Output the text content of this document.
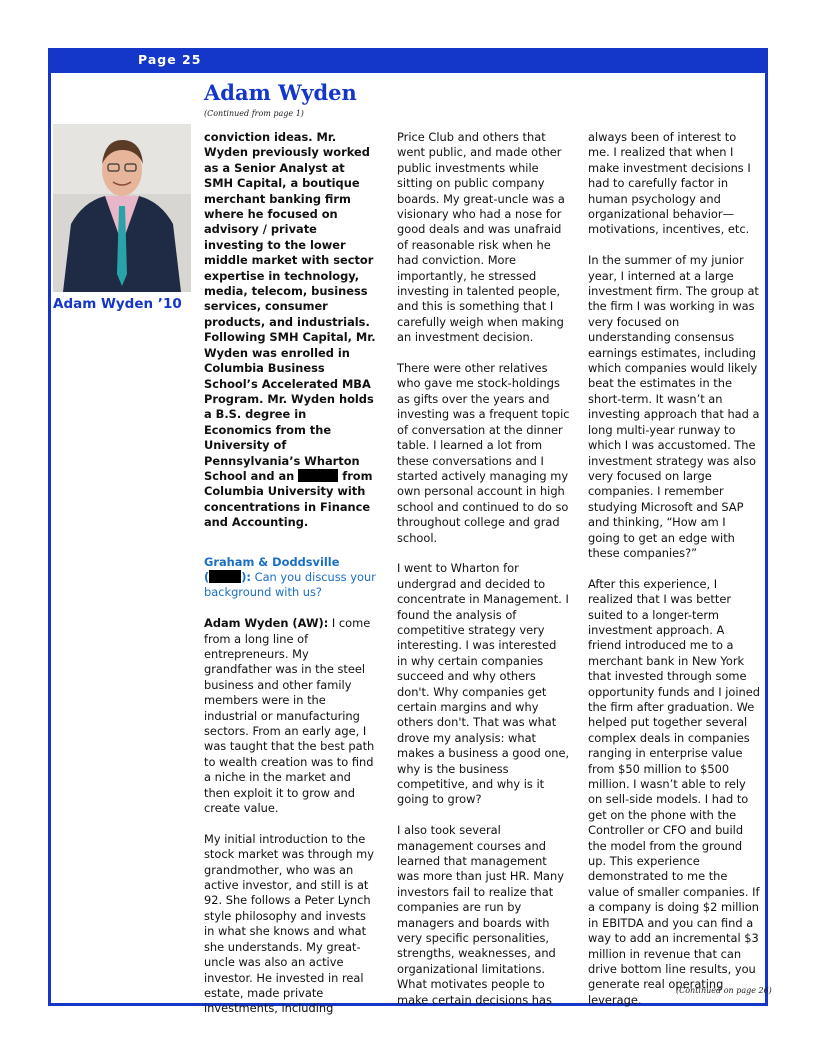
Page 25
Adam Wyden
(Continued from page 1)
Adam Wyden ’10

conviction ideas. Mr. Wyden previously worked as a Senior Analyst at SMH Capital, a boutique merchant banking firm where he focused on advisory / private investing to the lower middle market with sector expertise in technology, media, telecom, business services, consumer products, and industrials. Following SMH Capital, Mr. Wyden was enrolled in Columbia Business School’s Accelerated MBA Program. Mr. Wyden holds a B.S. degree in Economics from the University of Pennsylvania’s Wharton School and an	from Columbia University with concentrations in Finance and Accounting.

Graham & Doddsville
(	): Can you discuss your background with us?

Adam Wyden (AW): I come from a long line of entrepreneurs. My grandfather was in the steel business and other family members were in the industrial or manufacturing sectors. From an early age, I was taught that the best path to wealth creation was to find a niche in the market and then exploit it to grow and create value.

My initial introduction to the stock market was through my grandmother, who was an active investor, and still is at 92. She follows a Peter Lynch style philosophy and invests in what she knows and what she understands. My great-uncle was also an active investor. He invested in real estate, made private investments, including

Price Club and others that went public, and made other public investments while sitting on public company boards. My great-uncle was a visionary who had a nose for good deals and was unafraid of reasonable risk when he had conviction. More importantly, he stressed investing in talented people, and this is something that I carefully weigh when making an investment decision.

There were other relatives who gave me stock-holdings as gifts over the years and investing was a frequent topic of conversation at the dinner table. I learned a lot from these conversations and I started actively managing my own personal account in high school and continued to do so throughout college and grad school.

I went to Wharton for undergrad and decided to concentrate in Management. I found the analysis of competitive strategy very interesting. I was interested in why certain companies succeed and why others don't. Why companies get certain margins and why others don't. That was what drove my analysis: what makes a business a good one, why is the business competitive, and why is it going to grow?

I also took several management courses and learned that management was more than just HR. Many investors fail to realize that companies are run by managers and boards with very specific personalities, strengths, weaknesses, and organizational limitations. What motivates people to make certain decisions has

always been of interest to me. I realized that when I make investment decisions I had to carefully factor in human psychology and organizational behavior—motivations, incentives, etc.

In the summer of my junior year, I interned at a large investment firm. The group at the firm I was working in was very focused on understanding consensus earnings estimates, including which companies would likely beat the estimates in the short-term. It wasn’t an investing approach that had a long multi-year runway to which I was accustomed. The investment strategy was also very focused on large companies. I remember studying Microsoft and SAP and thinking, “How am I going to get an edge with these companies?”

After this experience, I realized that I was better suited to a longer-term investment approach. A friend introduced me to a merchant bank in New York that invested through some opportunity funds and I joined the firm after graduation. We helped put together several complex deals in companies ranging in enterprise value from $50 million to $500 million. I wasn’t able to rely on sell-side models. I had to get on the phone with the Controller or CFO and build the model from the ground up. This experience demonstrated to me the value of smaller companies. If a company is doing $2 million in EBITDA and you can find a way to add an incremental $3 million in revenue that can drive bottom line results, you generate real operating leverage.

(Continued on page 26)
